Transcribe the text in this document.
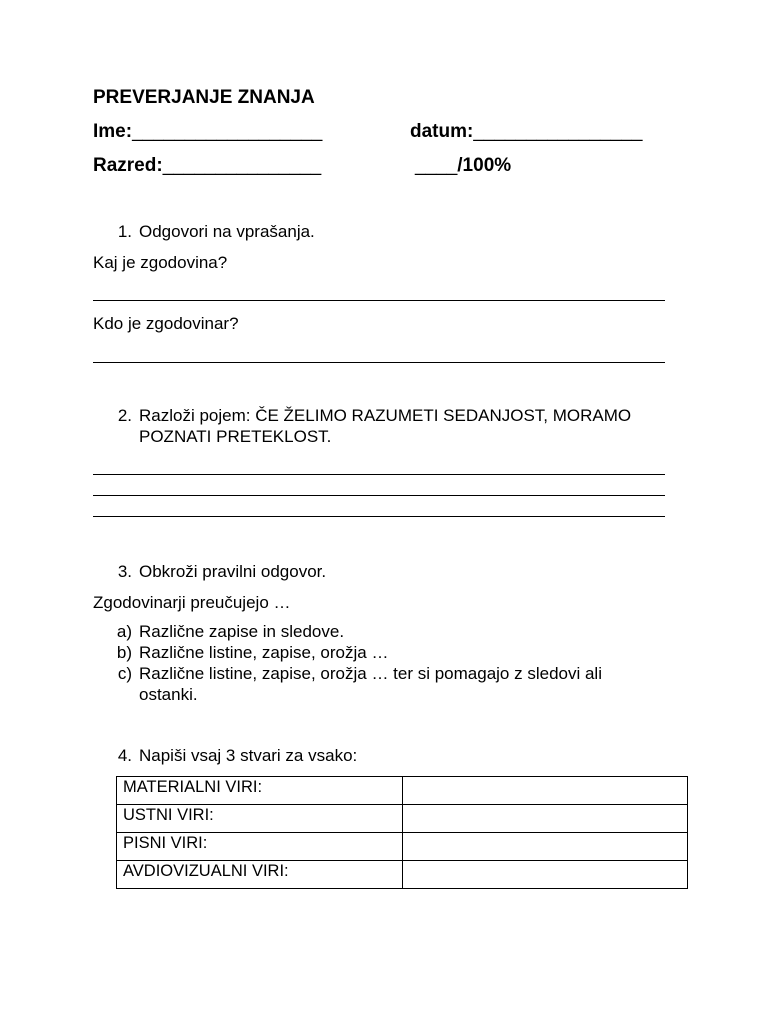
PREVERJANJE ZNANJA
Ime:__________________	datum:________________
Razred:_______________	____/100%
1. Odgovori na vprašanja.
Kaj je zgodovina?
Kdo je zgodovinar?
2. Razloži pojem: ČE ŽELIMO RAZUMETI SEDANJOST, MORAMO
POZNATI PRETEKLOST.
3. Obkroži pravilni odgovor.
Zgodovinarji preučujejo …
a) Različne zapise in sledove.
b) Različne listine, zapise, orožja …
c) Različne listine, zapise, orožja … ter si pomagajo z sledovi ali
ostanki.
4. Napiši vsaj 3 stvari za vsako:
MATERIALNI VIRI:	
USTNI VIRI:	
PISNI VIRI:	
AVDIOVIZUALNI VIRI:	
